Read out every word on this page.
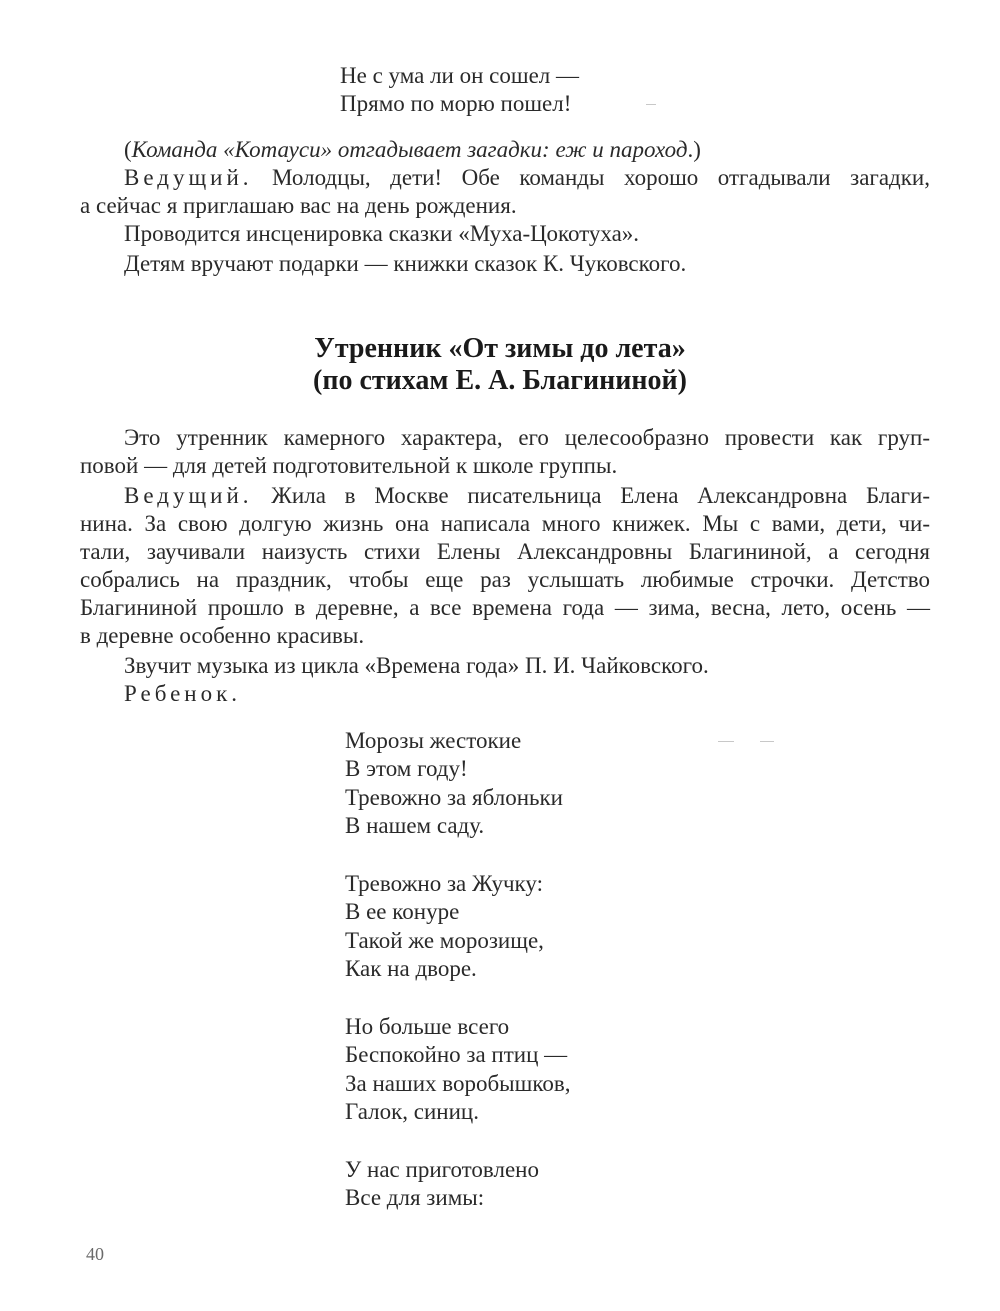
Не с ума ли он сошел —
Прямо по морю пошел!
(Команда «Котауси» отгадывает загадки: еж и пароход.)
Ведущий. Молодцы, дети! Обе команды хорошо отгадывали загадки,
а сейчас я приглашаю вас на день рождения.
Проводится инсценировка сказки «Муха-Цокотуха».
Детям вручают подарки — книжки сказок К. Чуковского.
Утренник «От зимы до лета»
(по стихам Е. А. Благининой)
Это утренник камерного характера, его целесообразно провести как груп-
повой — для детей подготовительной к школе группы.
Ведущий. Жила в Москве писательница Елена Александровна Благи-
нина. За свою долгую жизнь она написала много книжек. Мы с вами, дети, чи-
тали, заучивали наизусть стихи Елены Александровны Благининой, а сегодня
собрались на праздник, чтобы еще раз услышать любимые строчки. Детство
Благининой прошло в деревне, а все времена года — зима, весна, лето, осень —
в деревне особенно красивы.
Звучит музыка из цикла «Времена года» П. И. Чайковского.
Ребенок.
Морозы жестокие
В этом году!
Тревожно за яблоньки
В нашем саду.
Тревожно за Жучку:
В ее конуре
Такой же морозище,
Как на дворе.
Но больше всего
Беспокойно за птиц —
За наших воробышков,
Галок, синиц.
У нас приготовлено
Все для зимы:
40
